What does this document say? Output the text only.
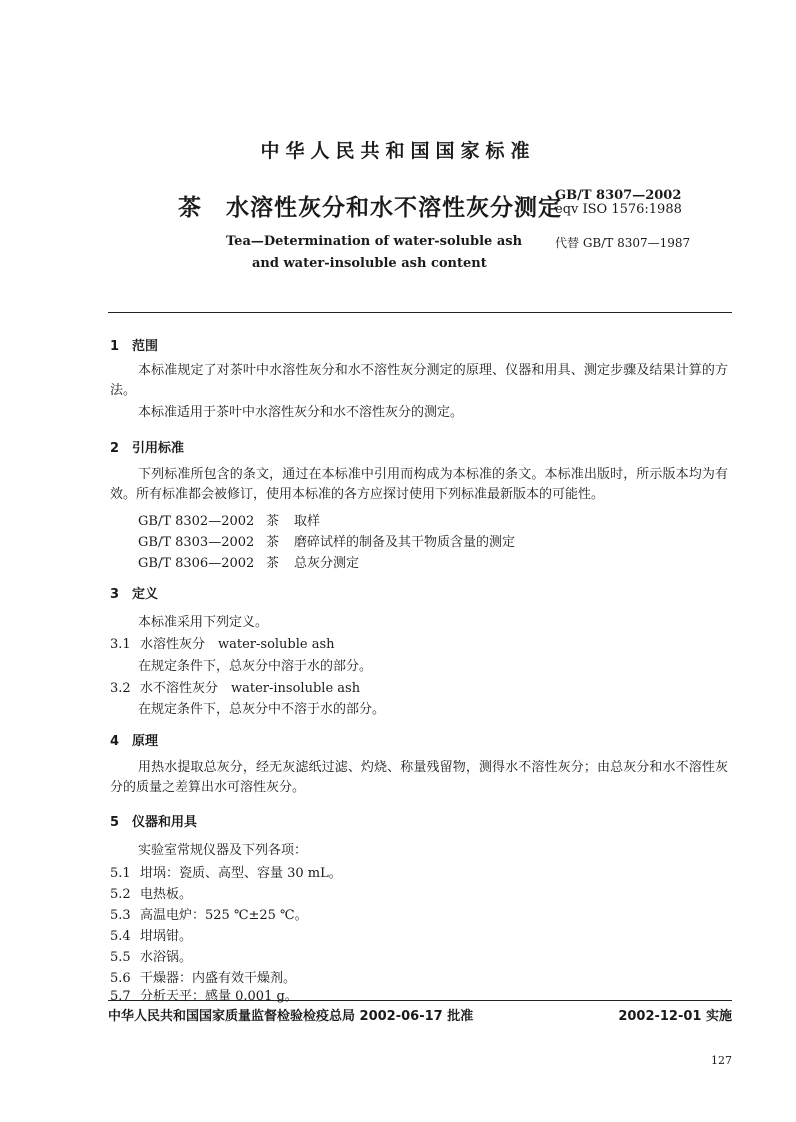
中华人民共和国国家标准
茶　水溶性灰分和水不溶性灰分测定
GB/T 8307—2002
eqv ISO 1576:1988
Tea—Determination of water-soluble ash
and water-insoluble ash content
代替 GB/T 8307—1987
1 范围
本标准规定了对茶叶中水溶性灰分和水不溶性灰分测定的原理、仪器和用具、测定步骤及结果计算的方法。
本标准适用于茶叶中水溶性灰分和水不溶性灰分的测定。
2 引用标准
下列标准所包含的条文，通过在本标准中引用而构成为本标准的条文。本标准出版时，所示版本均为有效。所有标准都会被修订，使用本标准的各方应探讨使用下列标准最新版本的可能性。
GB/T 8302—2002 茶 取样
GB/T 8303—2002 茶 磨碎试样的制备及其干物质含量的测定
GB/T 8306—2002 茶 总灰分测定
3 定义
本标准采用下列定义。
3.1 水溶性灰分　water-soluble ash
在规定条件下，总灰分中溶于水的部分。
3.2 水不溶性灰分　water-insoluble ash
在规定条件下，总灰分中不溶于水的部分。
4 原理
用热水提取总灰分，经无灰滤纸过滤、灼烧、称量残留物，测得水不溶性灰分；由总灰分和水不溶性灰分的质量之差算出水可溶性灰分。
5 仪器和用具
实验室常规仪器及下列各项：
5.1 坩埚：瓷质、高型、容量 30 mL。
5.2 电热板。
5.3 高温电炉：525 ℃±25 ℃。
5.4 坩埚钳。
5.5 水浴锅。
5.6 干燥器：内盛有效干燥剂。
5.7 分析天平：感量 0.001 g。
中华人民共和国国家质量监督检验检疫总局 2002-06-17 批准	2002-12-01 实施
127
